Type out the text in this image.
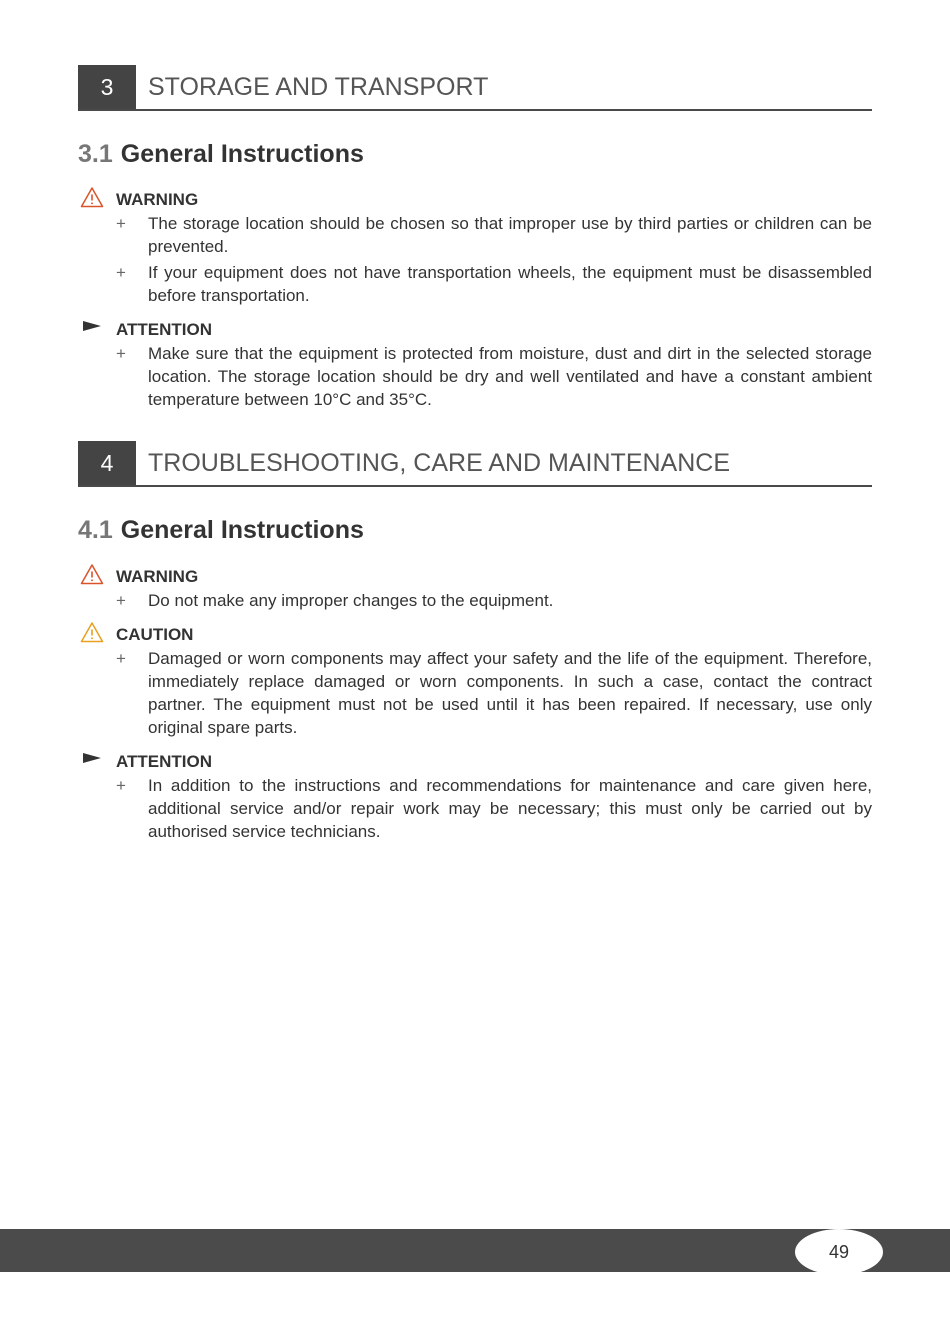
3	STORAGE AND TRANSPORT
3.1 General Instructions
WARNING
+ The storage location should be chosen so that improper use by third parties or children can be prevented.
+ If your equipment does not have transportation wheels, the equipment must be disassembled before transportation.
ATTENTION
+ Make sure that the equipment is protected from moisture, dust and dirt in the selected storage location. The storage location should be dry and well ventilated and have a constant ambient temperature between 10°C and 35°C.
4	TROUBLESHOOTING, CARE AND MAINTENANCE
4.1 General Instructions
WARNING
+ Do not make any improper changes to the equipment.
CAUTION
+ Damaged or worn components may affect your safety and the life of the equipment. Therefore, immediately replace damaged or worn components. In such a case, contact the contract partner. The equipment must not be used until it has been repaired. If necessary, use only original spare parts.
ATTENTION
+ In addition to the instructions and recommendations for maintenance and care given here, additional service and/or repair work may be necessary; this must only be carried out by authorised service technicians.
49
